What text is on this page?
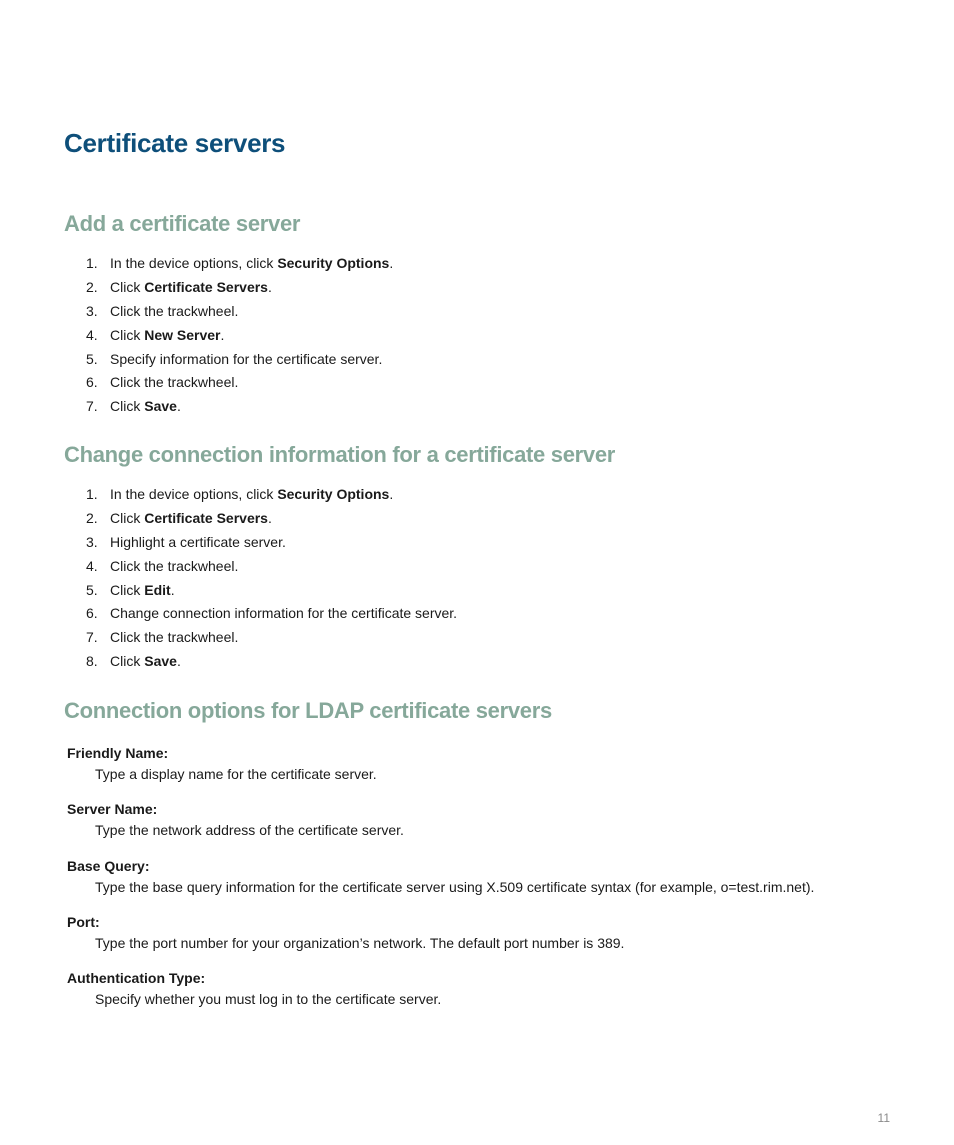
Certificate servers
Add a certificate server
1. In the device options, click Security Options.
2. Click Certificate Servers.
3. Click the trackwheel.
4. Click New Server.
5. Specify information for the certificate server.
6. Click the trackwheel.
7. Click Save.
Change connection information for a certificate server
1. In the device options, click Security Options.
2. Click Certificate Servers.
3. Highlight a certificate server.
4. Click the trackwheel.
5. Click Edit.
6. Change connection information for the certificate server.
7. Click the trackwheel.
8. Click Save.
Connection options for LDAP certificate servers
Friendly Name:
Type a display name for the certificate server.
Server Name:
Type the network address of the certificate server.
Base Query:
Type the base query information for the certificate server using X.509 certificate syntax (for example, o=test.rim.net).
Port:
Type the port number for your organization’s network. The default port number is 389.
Authentication Type:
Specify whether you must log in to the certificate server.
11
